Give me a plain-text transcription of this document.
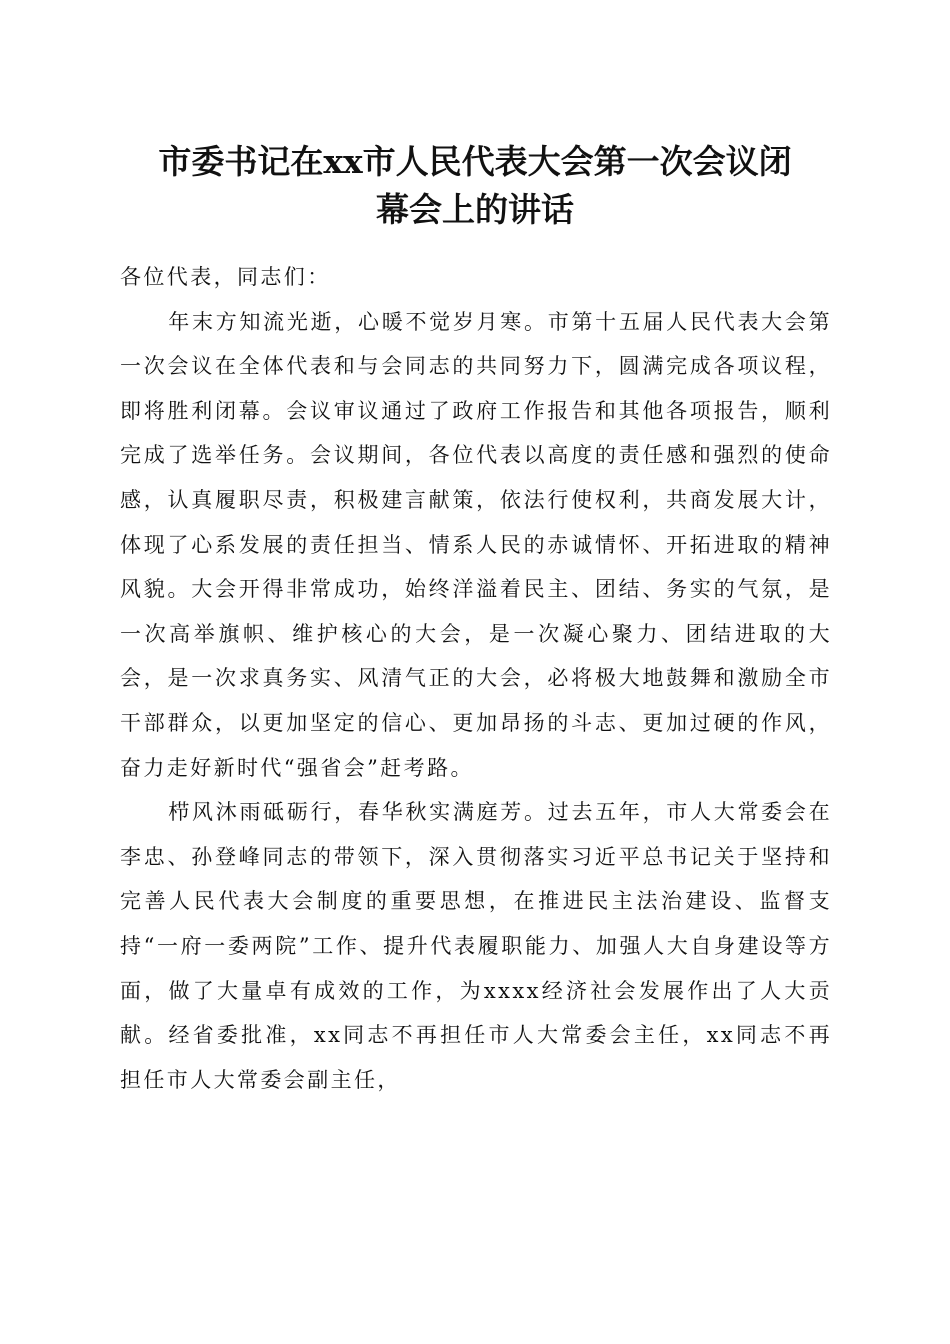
市委书记在xx市人民代表大会第一次会议闭
幕会上的讲话

各位代表，同志们：

年末方知流光逝，心暖不觉岁月寒。市第十五届人民代表大会第一次会议在全体代表和与会同志的共同努力下，圆满完成各项议程，即将胜利闭幕。会议审议通过了政府工作报告和其他各项报告，顺利完成了选举任务。会议期间，各位代表以高度的责任感和强烈的使命感，认真履职尽责，积极建言献策，依法行使权利，共商发展大计，体现了心系发展的责任担当、情系人民的赤诚情怀、开拓进取的精神风貌。大会开得非常成功，始终洋溢着民主、团结、务实的气氛，是一次高举旗帜、维护核心的大会，是一次凝心聚力、团结进取的大会，是一次求真务实、风清气正的大会，必将极大地鼓舞和激励全市干部群众，以更加坚定的信心、更加昂扬的斗志、更加过硬的作风，奋力走好新时代“强省会”赶考路。

栉风沐雨砥砺行，春华秋实满庭芳。过去五年，市人大常委会在李忠、孙登峰同志的带领下，深入贯彻落实习近平总书记关于坚持和完善人民代表大会制度的重要思想，在推进民主法治建设、监督支持“一府一委两院”工作、提升代表履职能力、加强人大自身建设等方面，做了大量卓有成效的工作，为xxxx经济社会发展作出了人大贡献。经省委批准，xx同志不再担任市人大常委会主任，xx同志不再担任市人大常委会副主任，
